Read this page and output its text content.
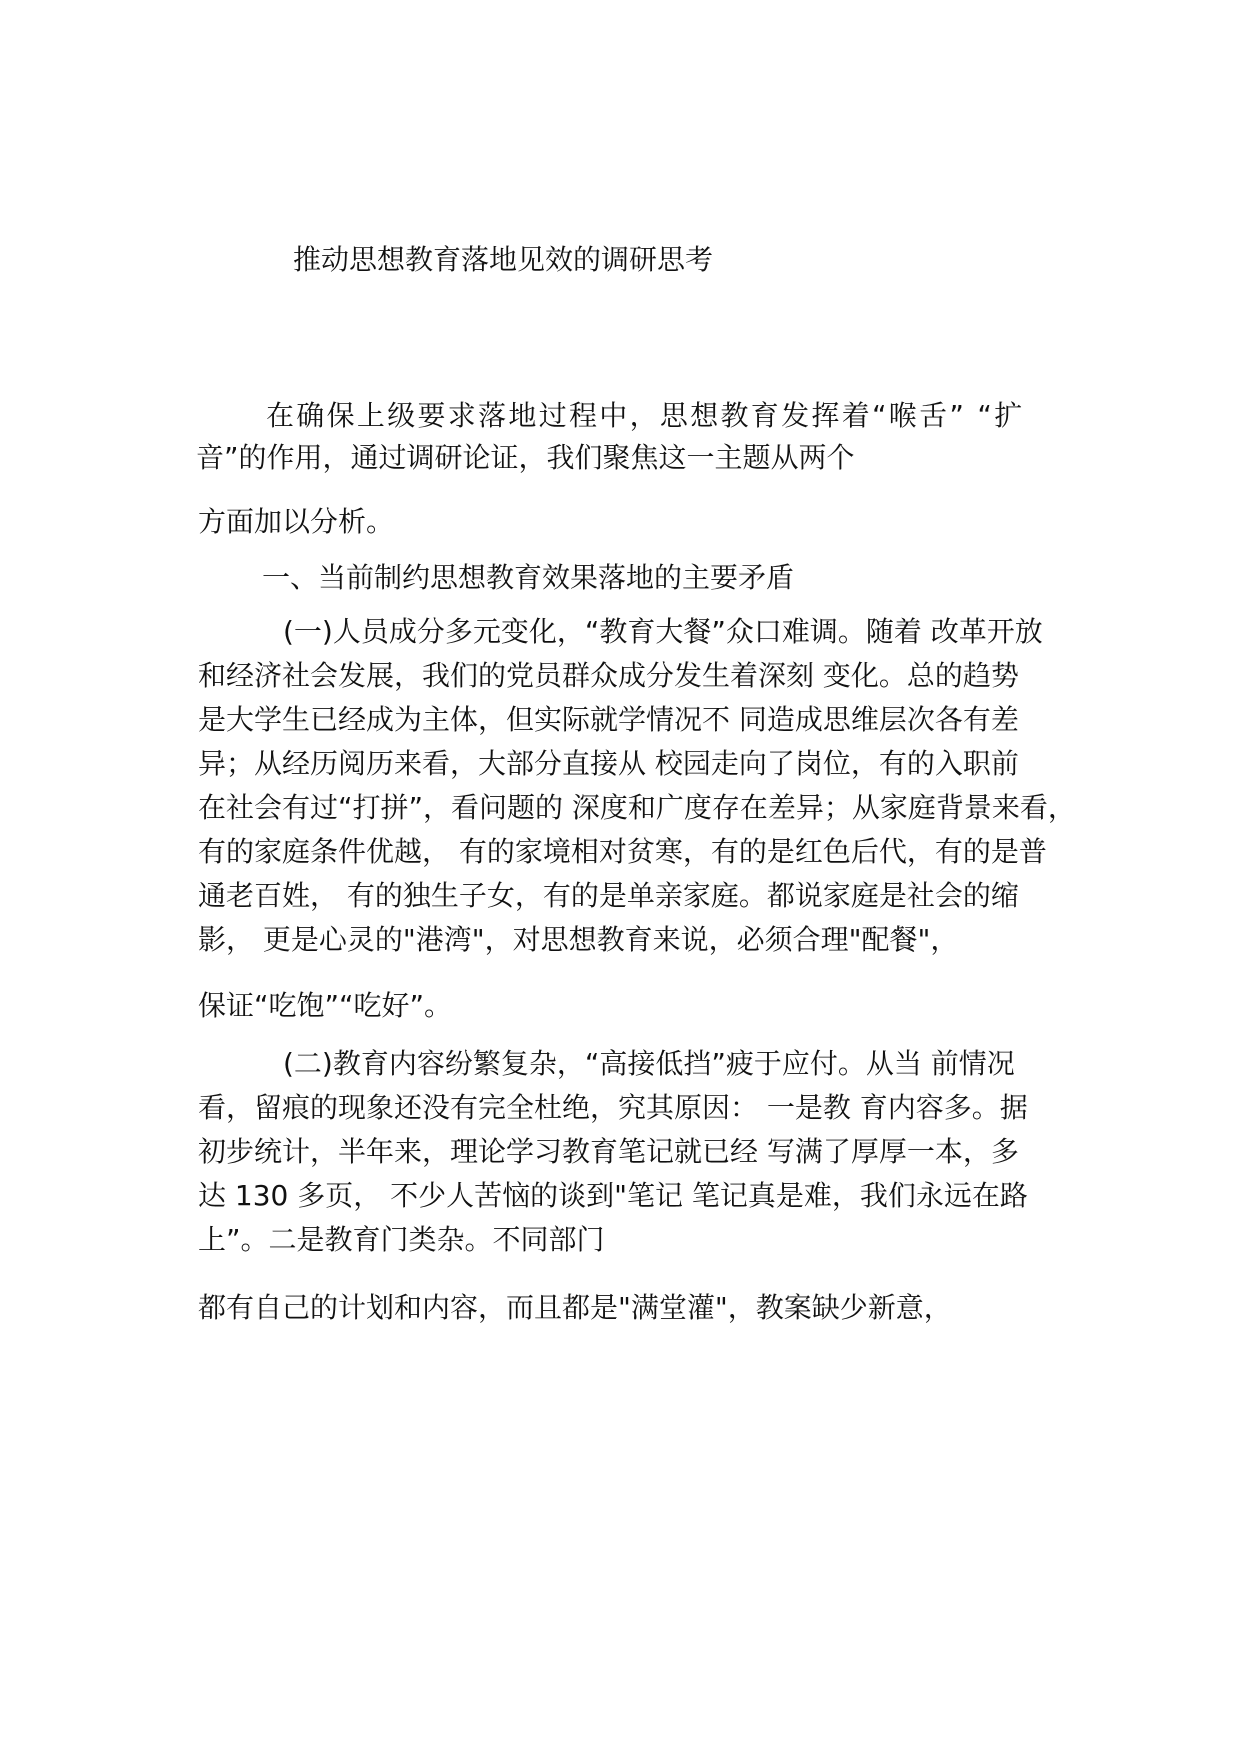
推动思想教育落地见效的调研思考
在确保上级要求落地过程中，思想教育发挥着“喉舌” “扩
音”的作用，通过调研论证，我们聚焦这一主题从两个
方面加以分析。
一、当前制约思想教育效果落地的主要矛盾
(一)人员成分多元变化，“教育大餐”众口难调。随着 改革开放
和经济社会发展，我们的党员群众成分发生着深刻 变化。总的趋势
是大学生已经成为主体，但实际就学情况不 同造成思维层次各有差
异；从经历阅历来看，大部分直接从 校园走向了岗位，有的入职前
在社会有过“打拼”，看问题的 深度和广度存在差异；从家庭背景来看，
有的家庭条件优越， 有的家境相对贫寒，有的是红色后代，有的是普
通老百姓， 有的独生子女，有的是单亲家庭。都说家庭是社会的缩
影， 更是心灵的"港湾"，对思想教育来说，必须合理"配餐"，
保证“吃饱”“吃好”。
(二)教育内容纷繁复杂，“高接低挡”疲于应付。从当 前情况
看，留痕的现象还没有完全杜绝，究其原因： 一是教 育内容多。据
初步统计，半年来，理论学习教育笔记就已经 写满了厚厚一本，多
达 130 多页， 不少人苦恼的谈到"笔记 笔记真是难，我们永远在路
上”。二是教育门类杂。不同部门
都有自己的计划和内容，而且都是"满堂灌"，教案缺少新意，
